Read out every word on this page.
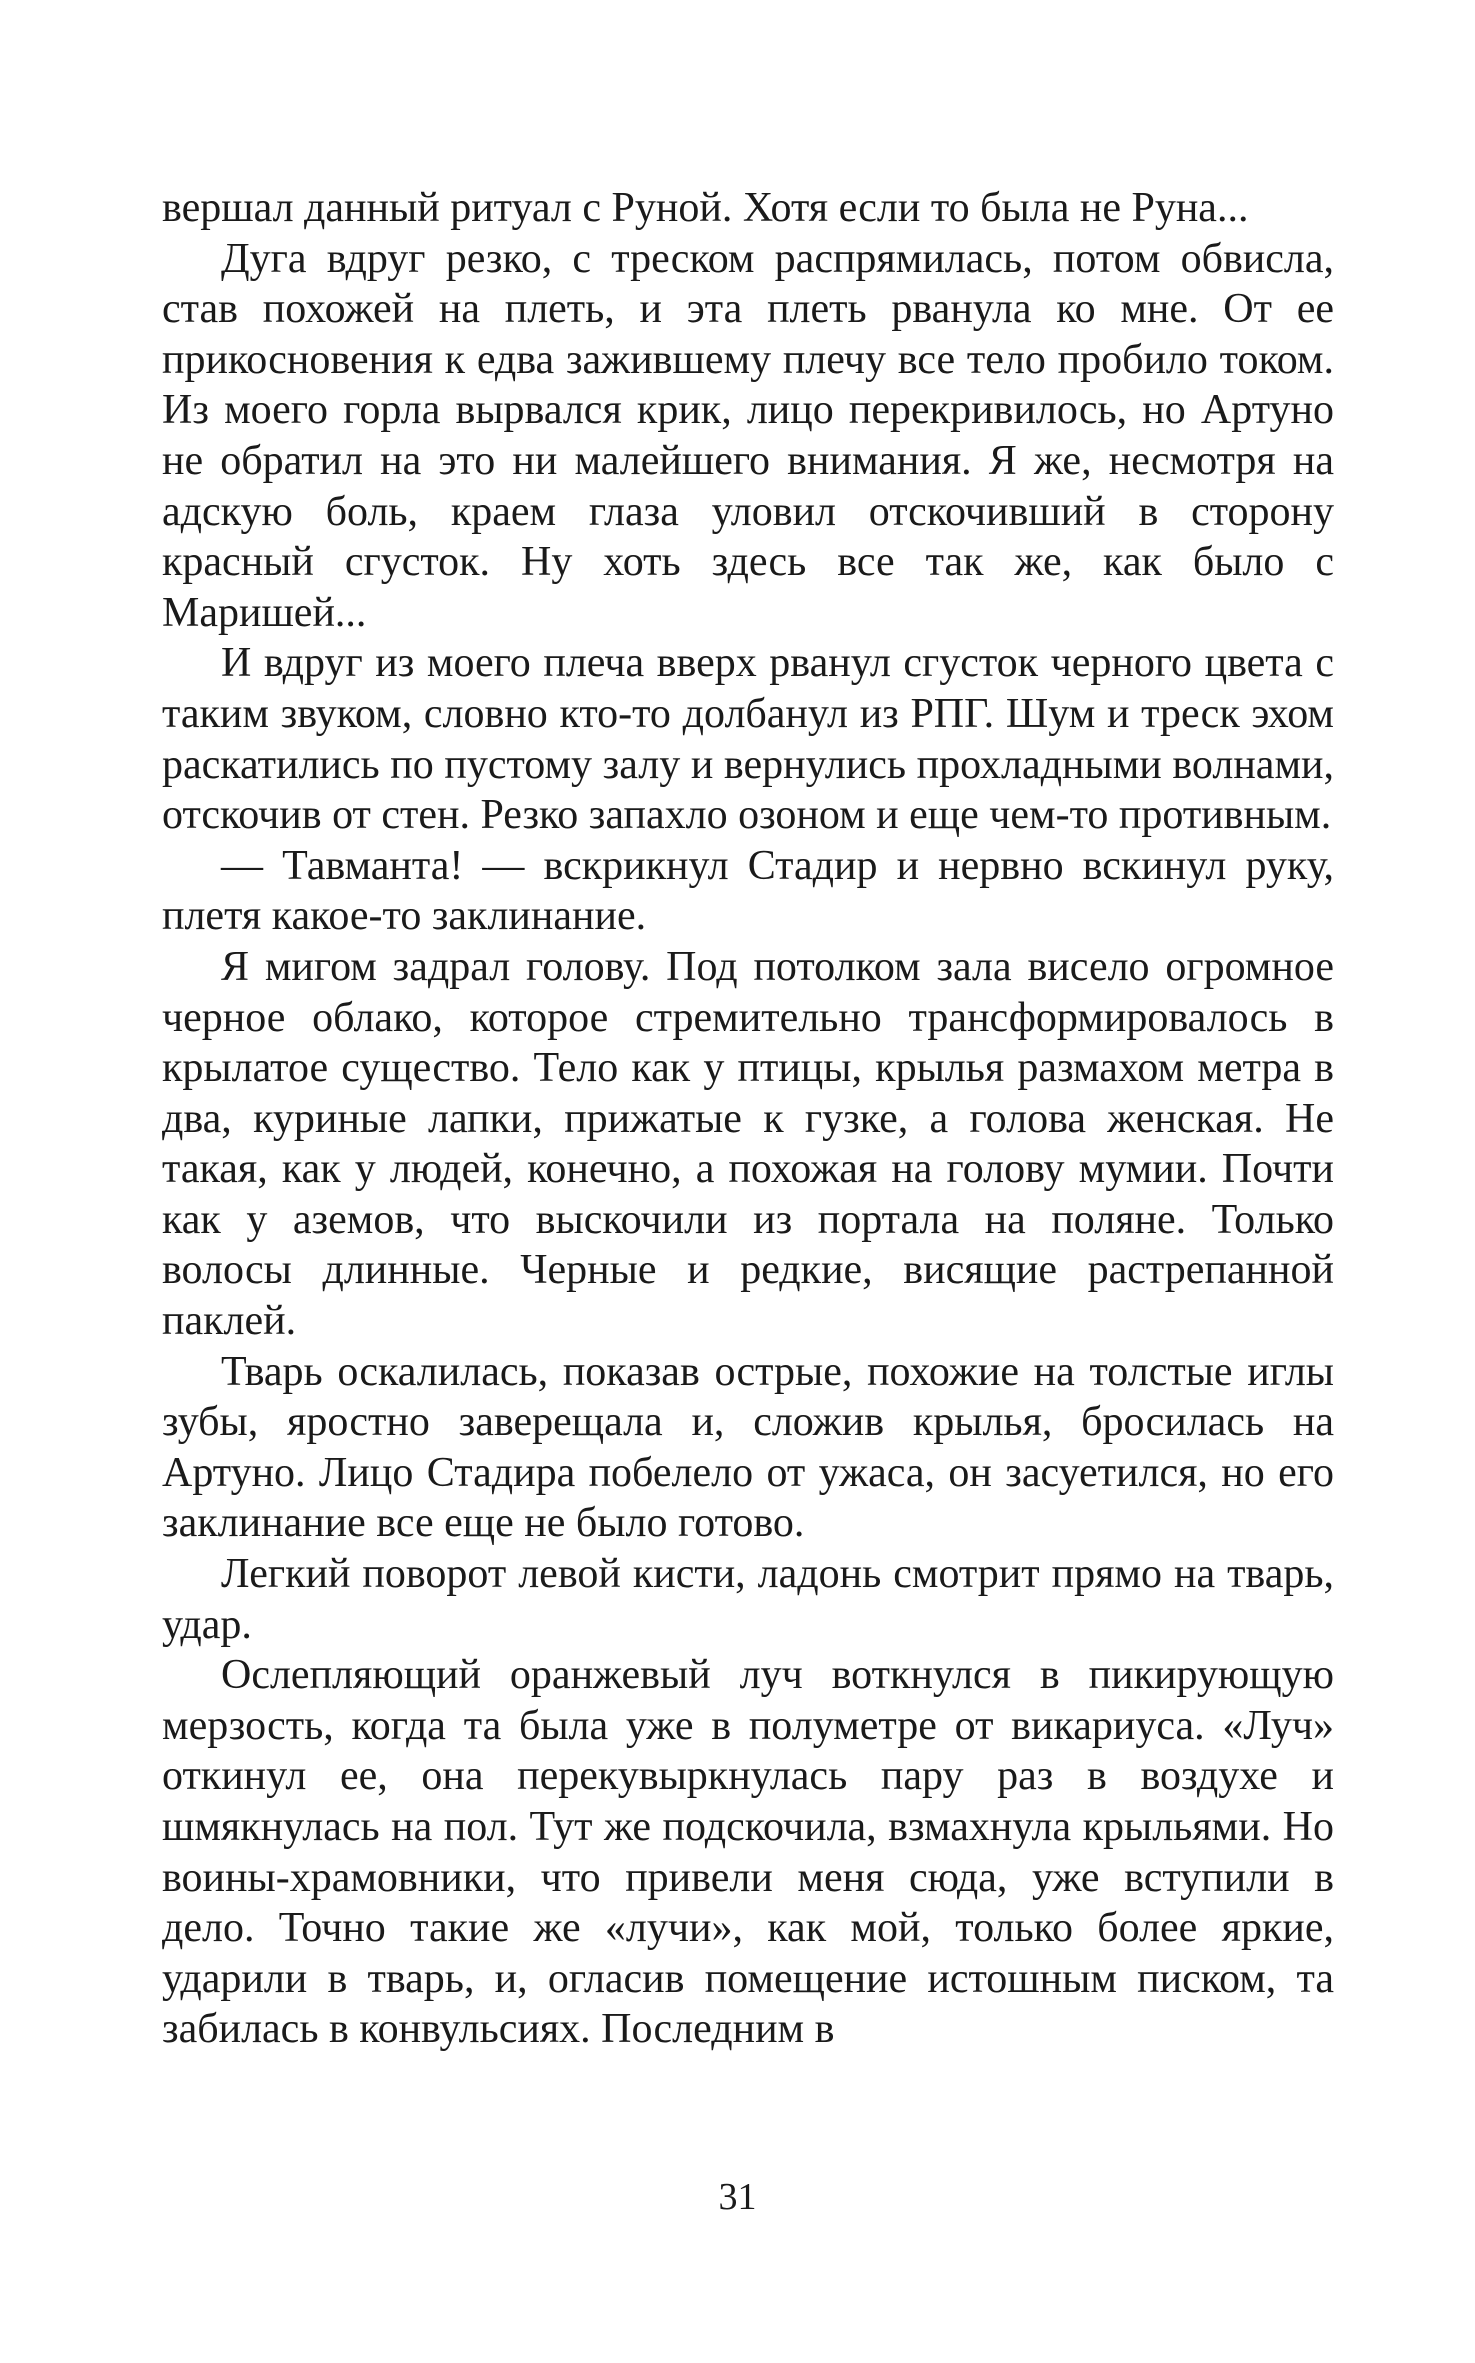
вершал данный ритуал с Руной. Хотя если то была не Руна...

Дуга вдруг резко, с треском распрямилась, потом обвисла, став похожей на плеть, и эта плеть рванула ко мне. От ее прикосновения к едва зажившему плечу все тело пробило током. Из моего горла вырвался крик, лицо перекривилось, но Артуно не обратил на это ни малейшего внимания. Я же, несмотря на адскую боль, краем глаза уловил отскочивший в сторону красный сгусток. Ну хоть здесь все так же, как было с Маришей...

И вдруг из моего плеча вверх рванул сгусток черного цвета с таким звуком, словно кто-то долбанул из РПГ. Шум и треск эхом раскатились по пустому залу и вернулись прохладными волнами, отскочив от стен. Резко запахло озоном и еще чем-то противным.

— Тавманта! — вскрикнул Стадир и нервно вскинул руку, плетя какое-то заклинание.

Я мигом задрал голову. Под потолком зала висело огромное черное облако, которое стремительно трансформировалось в крылатое существо. Тело как у птицы, крылья размахом метра в два, куриные лапки, прижатые к гузке, а голова женская. Не такая, как у людей, конечно, а похожая на голову мумии. Почти как у аземов, что выскочили из портала на поляне. Только волосы длинные. Черные и редкие, висящие растрепанной паклей.

Тварь оскалилась, показав острые, похожие на толстые иглы зубы, яростно заверещала и, сложив крылья, бросилась на Артуно. Лицо Стадира побелело от ужаса, он засуетился, но его заклинание все еще не было готово.

Легкий поворот левой кисти, ладонь смотрит прямо на тварь, удар.

Ослепляющий оранжевый луч воткнулся в пикирующую мерзость, когда та была уже в полуметре от викариуса. «Луч» откинул ее, она перекувыркнулась пару раз в воздухе и шмякнулась на пол. Тут же подскочила, взмахнула крыльями. Но воины-храмовники, что привели меня сюда, уже вступили в дело. Точно такие же «лучи», как мой, только более яркие, ударили в тварь, и, огласив помещение истошным писком, та забилась в конвульсиях. Последним в

31
